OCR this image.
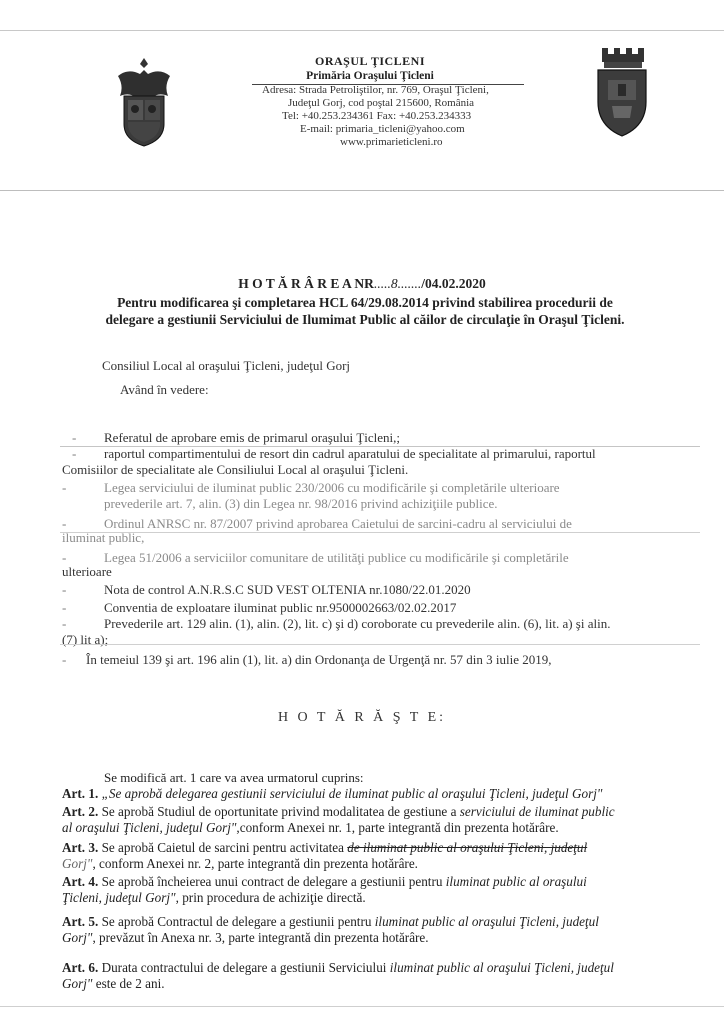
ORAŞUL ŢICLENI
Primăria Oraşului Ţicleni
Adresa: Strada Petroliştilor, nr. 769, Oraşul Ţicleni,
Judeţul Gorj, cod poştal 215600, România
Tel: +40.253.234361 Fax: +40.253.234333
E-mail: primaria_ticleni@yahoo.com
www.primarieticleni.ro
H O T Ă R Â R E A NR.....8......./04.02.2020
Pentru modificarea şi completarea HCL 64/29.08.2014 privind stabilirea procedurii de
delegare a gestiunii Serviciului de Ilumimat Public al căilor de circulaţie în Oraşul Ţicleni.
Consiliul Local al oraşului Ţicleni, judeţul Gorj
Având în vedere:
- Referatul de aprobare emis de primarul oraşului Ţicleni,;
- raportul compartimentului de resort din cadrul aparatului de specialitate al primarului, raportul
Comisiilor de specialitate ale Consiliului Local al oraşului Ţicleni.
-	Legea serviciului de iluminat public 230/2006 cu modificările şi completările ulterioare
prevederile art. 7, alin. (3) din Legea nr. 98/2016 privind achiziţiile publice.
-	Ordinul ANRSC nr. 87/2007 privind aprobarea Caietului de sarcini-cadru al serviciului de
iluminat public,
-	Legea 51/2006 a serviciilor comunitare de utilităţi publice cu modificările şi completările
ulterioare
-	Nota de control A.N.R.S.C SUD VEST OLTENIA nr.1080/22.01.2020
-	Conventia de exploatare iluminat public nr.9500002663/02.02.2017
-	Prevederile art. 129 alin. (1), alin. (2), lit. c) şi d) coroborate cu prevederile alin. (6), lit. a) şi alin.
(7) lit a);
- În temeiul 139 şi art. 196 alin (1), lit. a) din Ordonanţa de Urgenţă nr. 57 din 3 iulie 2019,
H O T Ă R Ă Ş T E:
Se modifică art. 1 care va avea urmatorul cuprins:
Art. 1. „Se aprobă delegarea gestiunii serviciului de iluminat public al oraşului Ţicleni, judeţul Gorj"
Art. 2. Se aprobă Studiul de oportunitate privind modalitatea de gestiune a serviciului de iluminat public
al oraşului Ţicleni, judeţul Gorj",conform Anexei nr. 1, parte integrantă din prezenta hotărâre.
Art. 3. Se aprobă Caietul de sarcini pentru activitatea de iluminat public al oraşului Ţicleni, judeţul
Gorj", conform Anexei nr. 2, parte integrantă din prezenta hotărâre.
Art. 4. Se aprobă încheierea unui contract de delegare a gestiunii pentru iluminat public al oraşului
Ţicleni, judeţul Gorj", prin procedura de achiziţie directă.
Art. 5. Se aprobă Contractul de delegare a gestiunii pentru iluminat public al oraşului Ţicleni, judeţul
Gorj", prevăzut în Anexa nr. 3, parte integrantă din prezenta hotărâre.
Art. 6. Durata contractului de delegare a gestiunii Serviciului iluminat public al oraşului Ţicleni, judeţul
Gorj" este de 2 ani.
